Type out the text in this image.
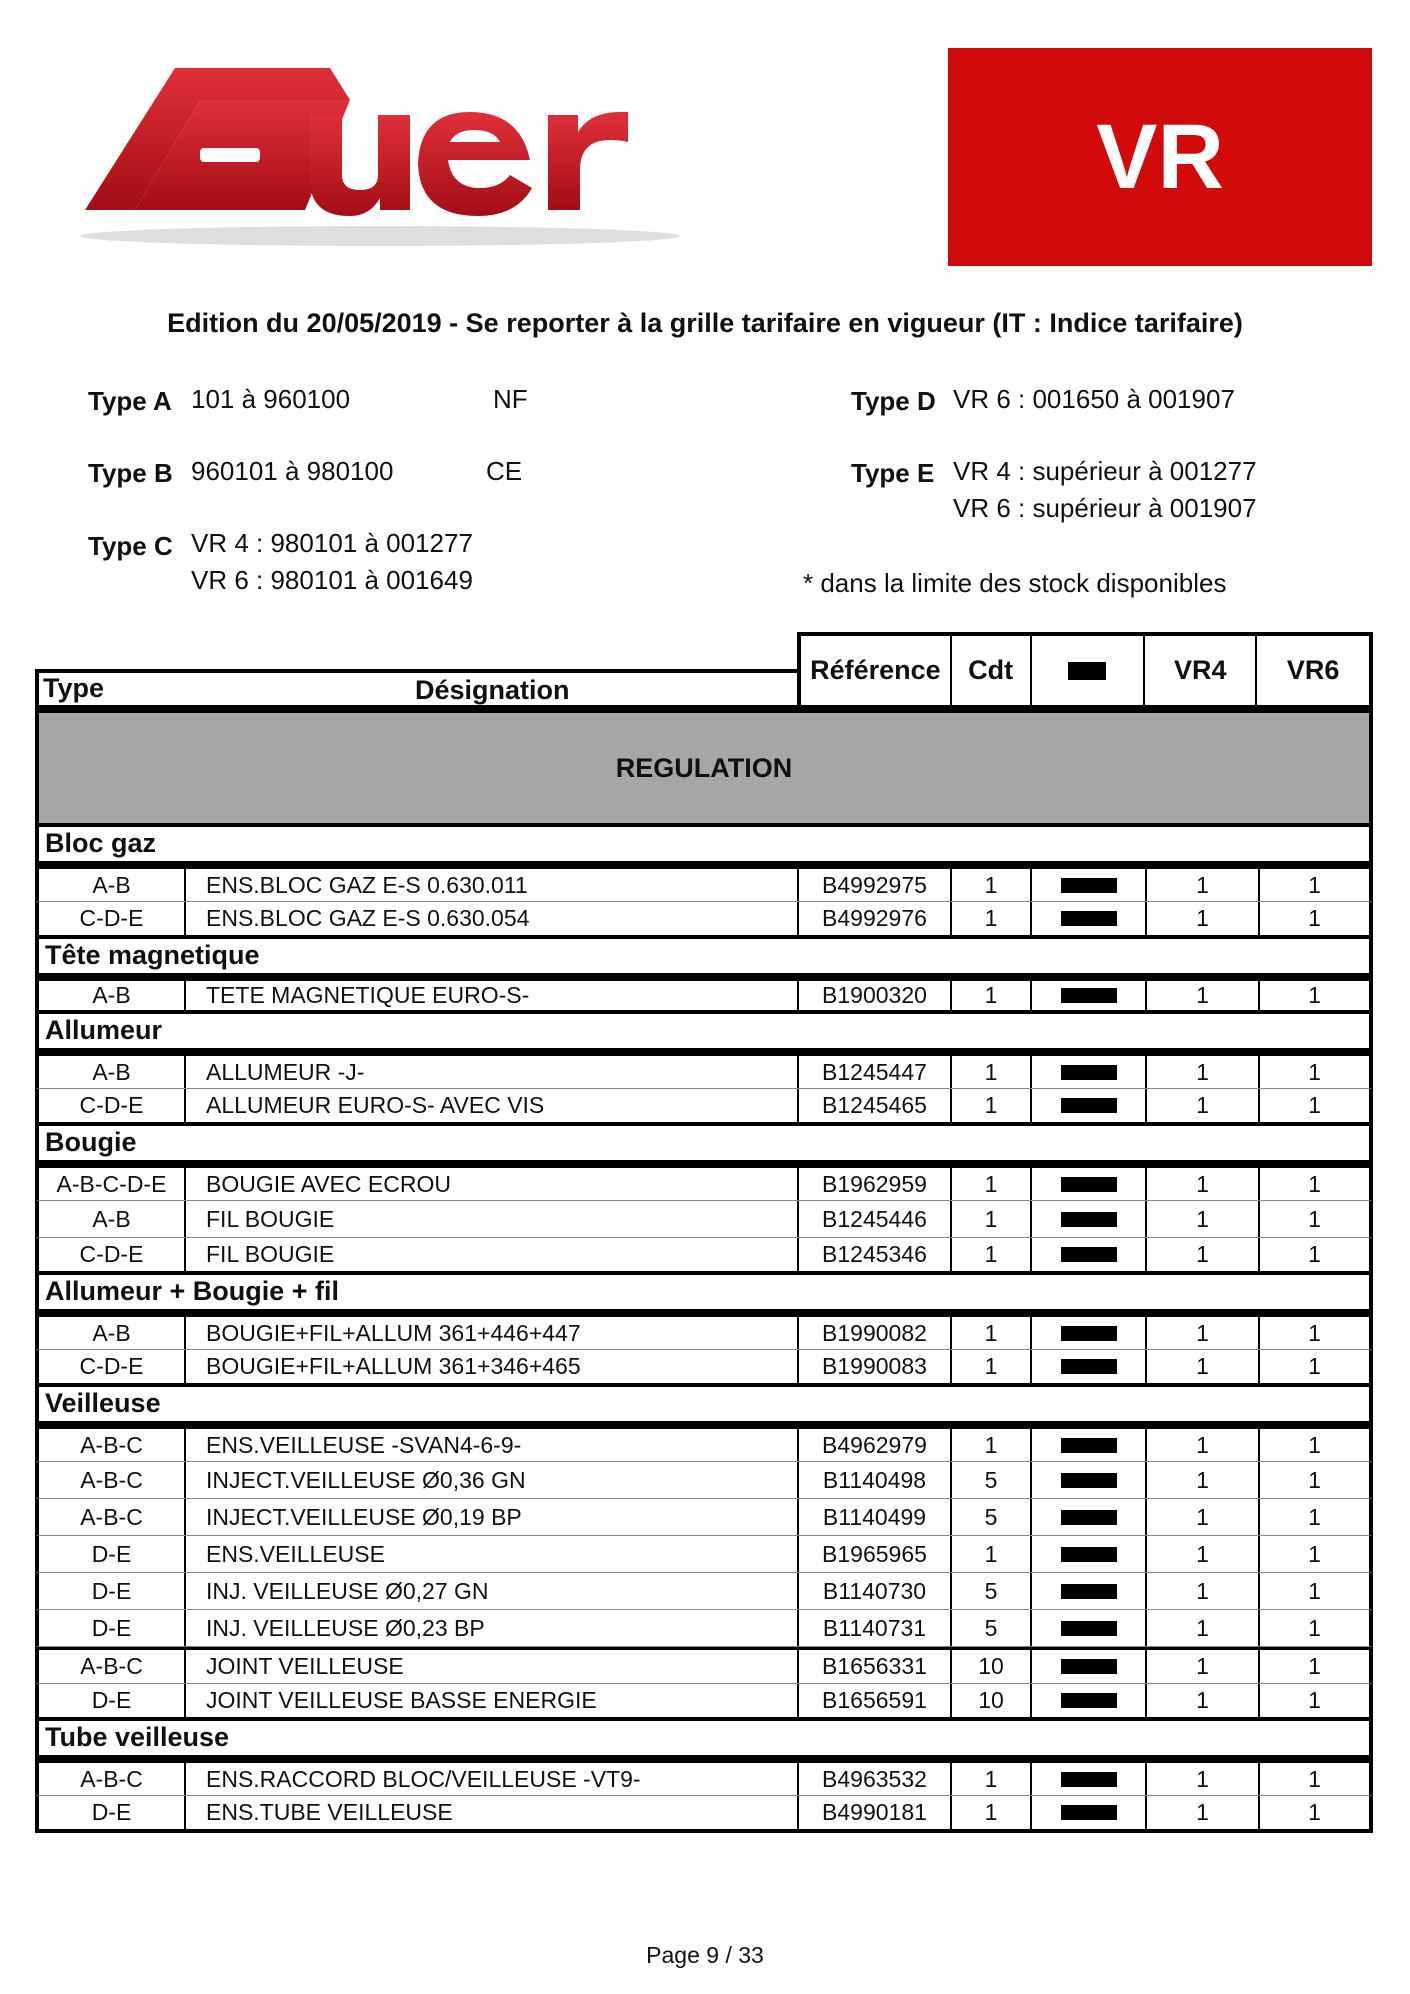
VR
Edition du 20/05/2019 - Se reporter à la grille tarifaire en vigueur (IT : Indice tarifaire)
Type A 101 à 960100	NF
Type B 960101 à 980100	CE
Type C VR 4 : 980101 à 001277
VR 6 : 980101 à 001649
Type D VR 6 : 001650 à 001907
Type E VR 4 : supérieur à 001277
VR 6 : supérieur à 001907
* dans la limite des stock disponibles
Type	Désignation
Référence	Cdt	VR4	VR6
REGULATION
Bloc gaz
A-B	ENS.BLOC GAZ E-S 0.630.011	B4992975	1	1	1
C-D-E	ENS.BLOC GAZ E-S 0.630.054	B4992976	1	1	1
Tête magnetique
A-B	TETE MAGNETIQUE EURO-S-	B1900320	1	1	1
Allumeur
A-B	ALLUMEUR -J-	B1245447	1	1	1
C-D-E	ALLUMEUR EURO-S- AVEC VIS	B1245465	1	1	1
Bougie
A-B-C-D-E	BOUGIE AVEC ECROU	B1962959	1	1	1
A-B	FIL BOUGIE	B1245446	1	1	1
C-D-E	FIL BOUGIE	B1245346	1	1	1
Allumeur + Bougie + fil
A-B	BOUGIE+FIL+ALLUM 361+446+447	B1990082	1	1	1
C-D-E	BOUGIE+FIL+ALLUM 361+346+465	B1990083	1	1	1
Veilleuse
A-B-C	ENS.VEILLEUSE -SVAN4-6-9-	B4962979	1	1	1
A-B-C	INJECT.VEILLEUSE Ø0,36 GN	B1140498	5	1	1
A-B-C	INJECT.VEILLEUSE Ø0,19 BP	B1140499	5	1	1
D-E	ENS.VEILLEUSE	B1965965	1	1	1
D-E	INJ. VEILLEUSE Ø0,27 GN	B1140730	5	1	1
D-E	INJ. VEILLEUSE Ø0,23 BP	B1140731	5	1	1
A-B-C	JOINT VEILLEUSE	B1656331	10	1	1
D-E	JOINT VEILLEUSE BASSE ENERGIE	B1656591	10	1	1
Tube veilleuse
A-B-C	ENS.RACCORD BLOC/VEILLEUSE -VT9-	B4963532	1	1	1
D-E	ENS.TUBE VEILLEUSE	B4990181	1	1	1
Page 9 / 33
